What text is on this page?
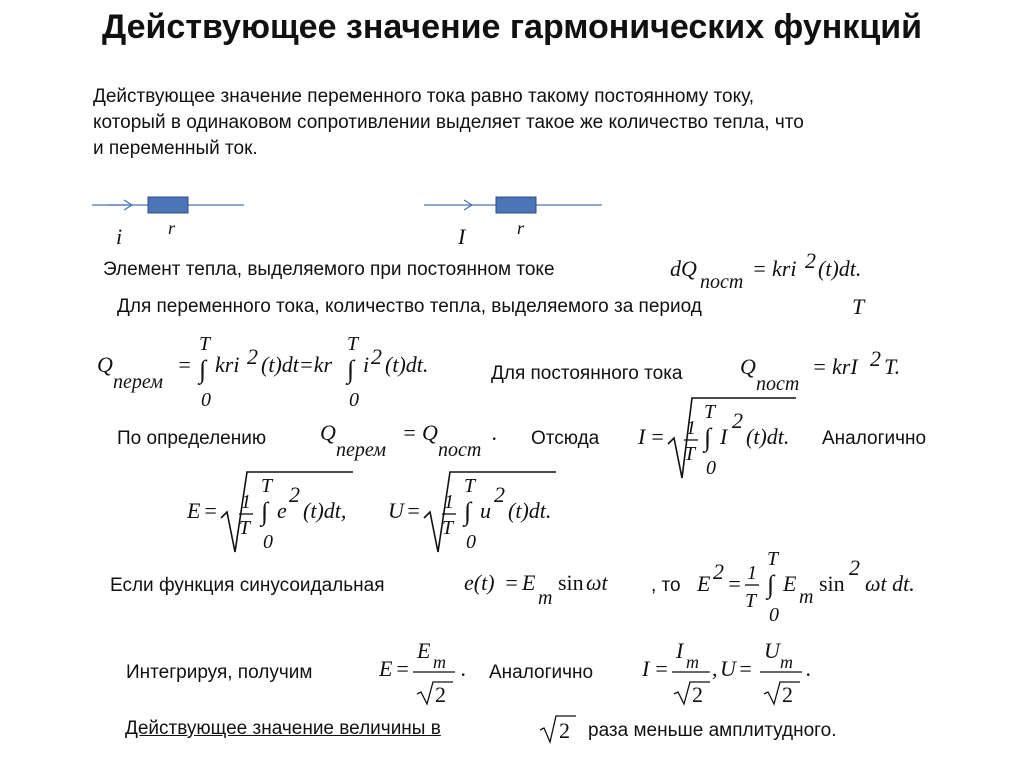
Действующее значение гармонических функций
Действующее значение переменного тока равно такому постоянному току,
который в одинаковом сопротивлении выделяет такое же количество тепла, что
и переменный ток.
i	r	I	r
Элемент тепла, выделяемого при постоянном токе	dQ
пост
= kri 2 (t)dt.
Для переменного тока, количество тепла, выделяемого за период	T
Q
перем
=
T
∫
0
kri 2 (t)dt=kr
T
∫
0
i 2 (t)dt.	Для постоянного тока	Q
пост
= krI 2 T.
По определению Q
перем
= Q
пост
. Отсюда I = 1
T
T
∫
0
I
2
(t)dt. Аналогично
E = 1
T
T
∫
0
e
2
(t)dt, U = 1
T
T
∫
0
u
2
(t)dt.
Если функция синусоидальная	e(t) = E
m
sin ωt , то E 2 = 1
T
T
∫
0
E
m
sin
2
ωt dt.
Интегрируя, получим	E =
E m
2
. Аналогично I =
I m
2
, U =
U m
2
.
Действующее значение величины в	2 раза меньше амплитудного.
